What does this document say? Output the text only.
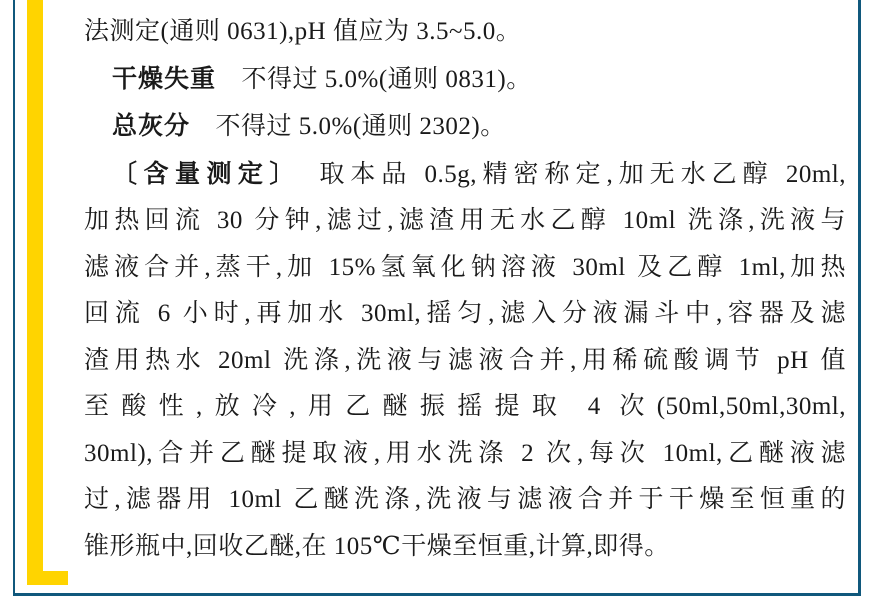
法测定(通则 0631),pH 值应为 3.5~5.0。
干燥失重　不得过 5.0%(通则 0831)。
总灰分　不得过 5.0%(通则 2302)。
〔含量测定〕　取本品 0.5g,精密称定,加无水乙醇 20ml,
加热回流 30 分钟,滤过,滤渣用无水乙醇 10ml 洗涤,洗液与
滤液合并,蒸干,加 15%氢氧化钠溶液 30ml 及乙醇 1ml,加热
回流 6 小时,再加水 30ml,摇匀,滤入分液漏斗中,容器及滤
渣用热水 20ml 洗涤,洗液与滤液合并,用稀硫酸调节 pH 值
至酸性,放冷,用乙醚振摇提取 4 次(50ml,50ml,30ml,
30ml),合并乙醚提取液,用水洗涤 2 次,每次 10ml,乙醚液滤
过,滤器用 10ml 乙醚洗涤,洗液与滤液合并于干燥至恒重的
锥形瓶中,回收乙醚,在 105℃干燥至恒重,计算,即得。
